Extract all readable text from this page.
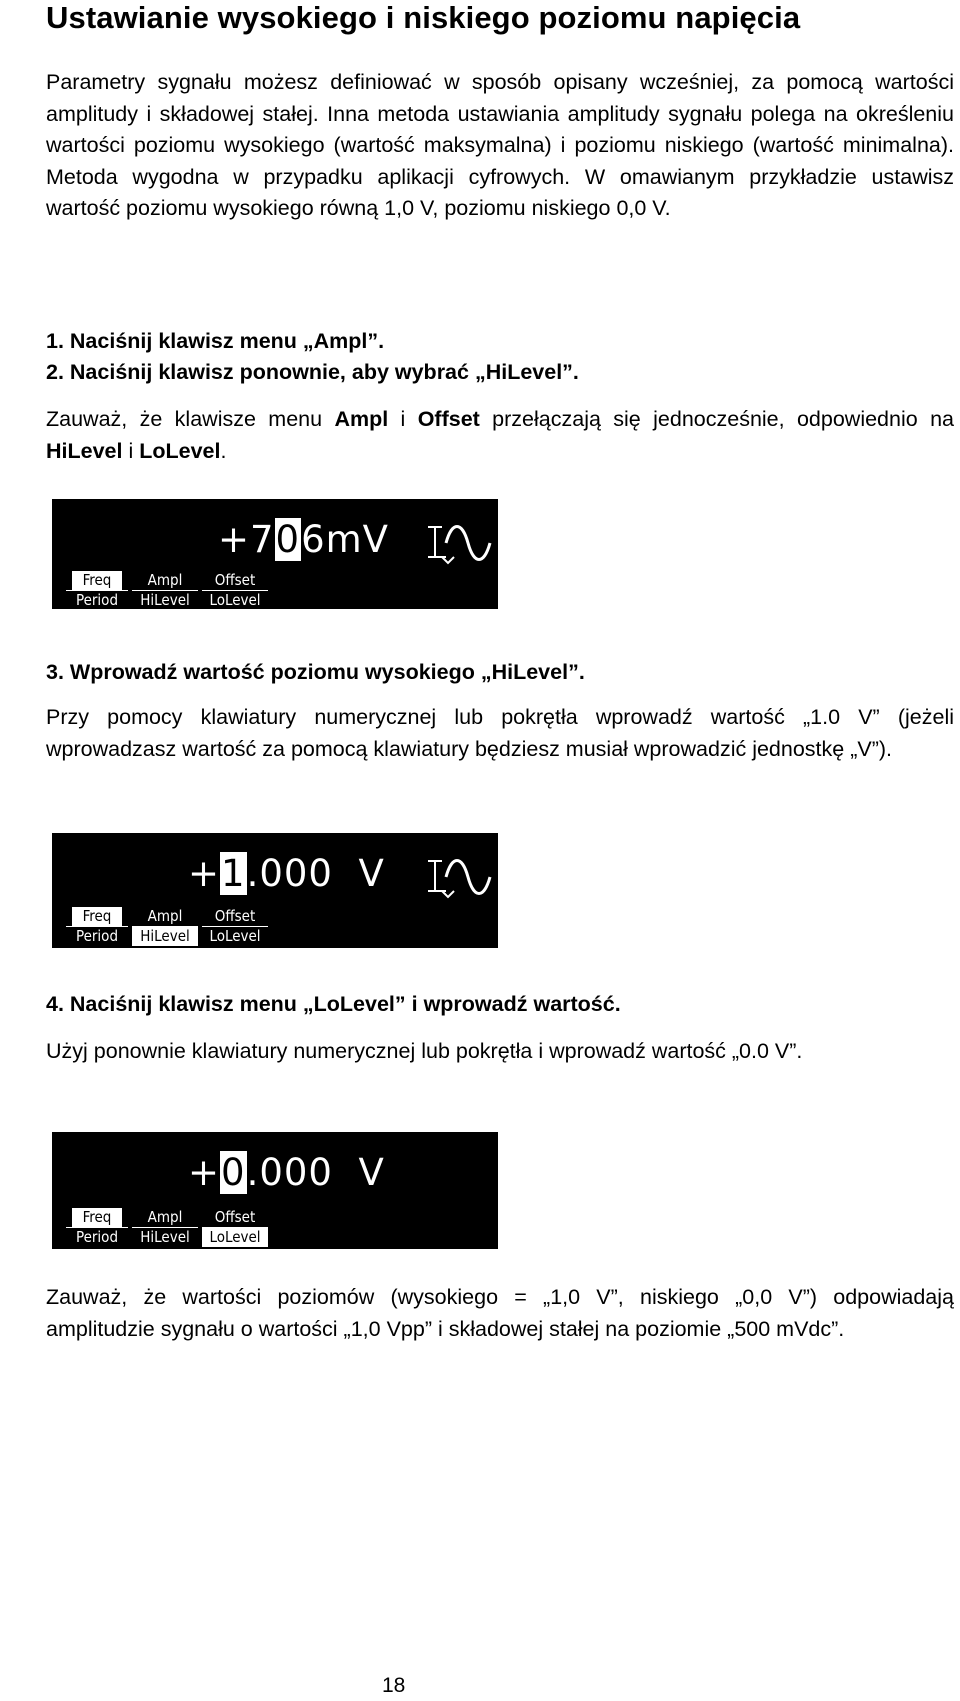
Ustawianie wysokiego i niskiego poziomu napięcia

Parametry sygnału możesz definiować w sposób opisany wcześniej, za pomocą wartości amplitudy i składowej stałej. Inna metoda ustawiania amplitudy sygnału polega na określeniu wartości poziomu wysokiego (wartość maksymalna) i poziomu niskiego (wartość minimalna). Metoda wygodna w przypadku aplikacji cyfrowych. W omawianym przykładzie ustawisz wartość poziomu wysokiego równą 1,0 V, poziomu niskiego 0,0 V.

1. Naciśnij klawisz menu „Ampl”.
2. Naciśnij klawisz ponownie, aby wybrać „HiLevel”.

Zauważ, że klawisze menu Ampl i Offset przełączają się jednocześnie, odpowiednio na HiLevel i LoLevel.

+706mV
Freq
Period
Ampl
HiLevel
Offset
LoLevel
3. Wprowadź wartość poziomu wysokiego „HiLevel”.

Przy pomocy klawiatury numerycznej lub pokrętła wprowadź wartość „1.0 V” (jeżeli wprowadzasz wartość za pomocą klawiatury będziesz musiał wprowadzić jednostkę „V”).

+1.000  V
Freq
Period
Ampl
HiLevel
Offset
LoLevel
4. Naciśnij klawisz menu „LoLevel” i wprowadź wartość.

Użyj ponownie klawiatury numerycznej lub pokrętła i wprowadź wartość „0.0 V”.

+0.000  V
Freq
Period
Ampl
HiLevel
Offset
LoLevel

Zauważ, że wartości poziomów (wysokiego = „1,0 V”, niskiego „0,0 V”) odpowiadają amplitudzie sygnału o wartości „1,0 Vpp” i składowej stałej na poziomie „500 mVdc”.

18
